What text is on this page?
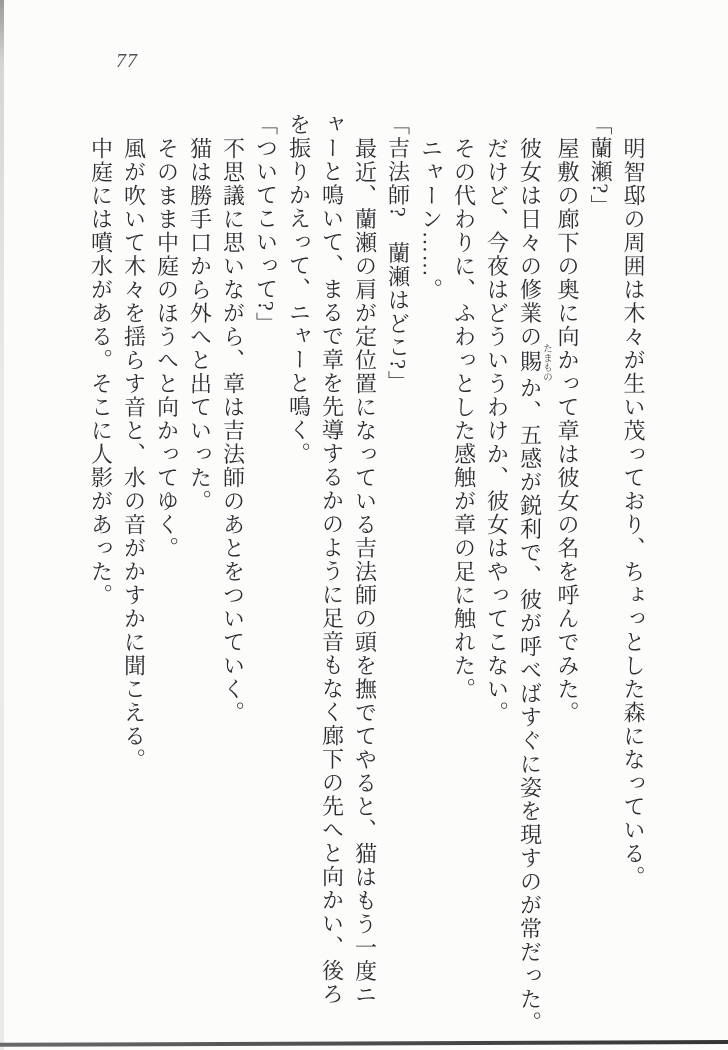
77

明智邸の周囲は木々が生い茂っており、ちょっとした森になっている。

「蘭瀬?」

屋敷の廊下の奥に向かって章は彼女の名を呼んでみた。

彼女は日々の修業の賜たまものか、五感が鋭利で、彼が呼べばすぐに姿を現すのが常だった。

だけど、今夜はどういうわけか、彼女はやってこない。

その代わりに、ふわっとした感触が章の足に触れた。

ニャーン……。

「吉法師?　蘭瀬はどこ?」

最近、蘭瀬の肩が定位置になっている吉法師の頭を撫でてやると、猫はもう一度ニ

ャーと鳴いて、まるで章を先導するかのように足音もなく廊下の先へと向かい、後ろ

を振りかえって、ニャーと鳴く。

「ついてこいって?」

不思議に思いながら、章は吉法師のあとをついていく。

猫は勝手口から外へと出ていった。

そのまま中庭のほうへと向かってゆく。

風が吹いて木々を揺らす音と、水の音がかすかに聞こえる。

中庭には噴水がある。そこに人影があった。
